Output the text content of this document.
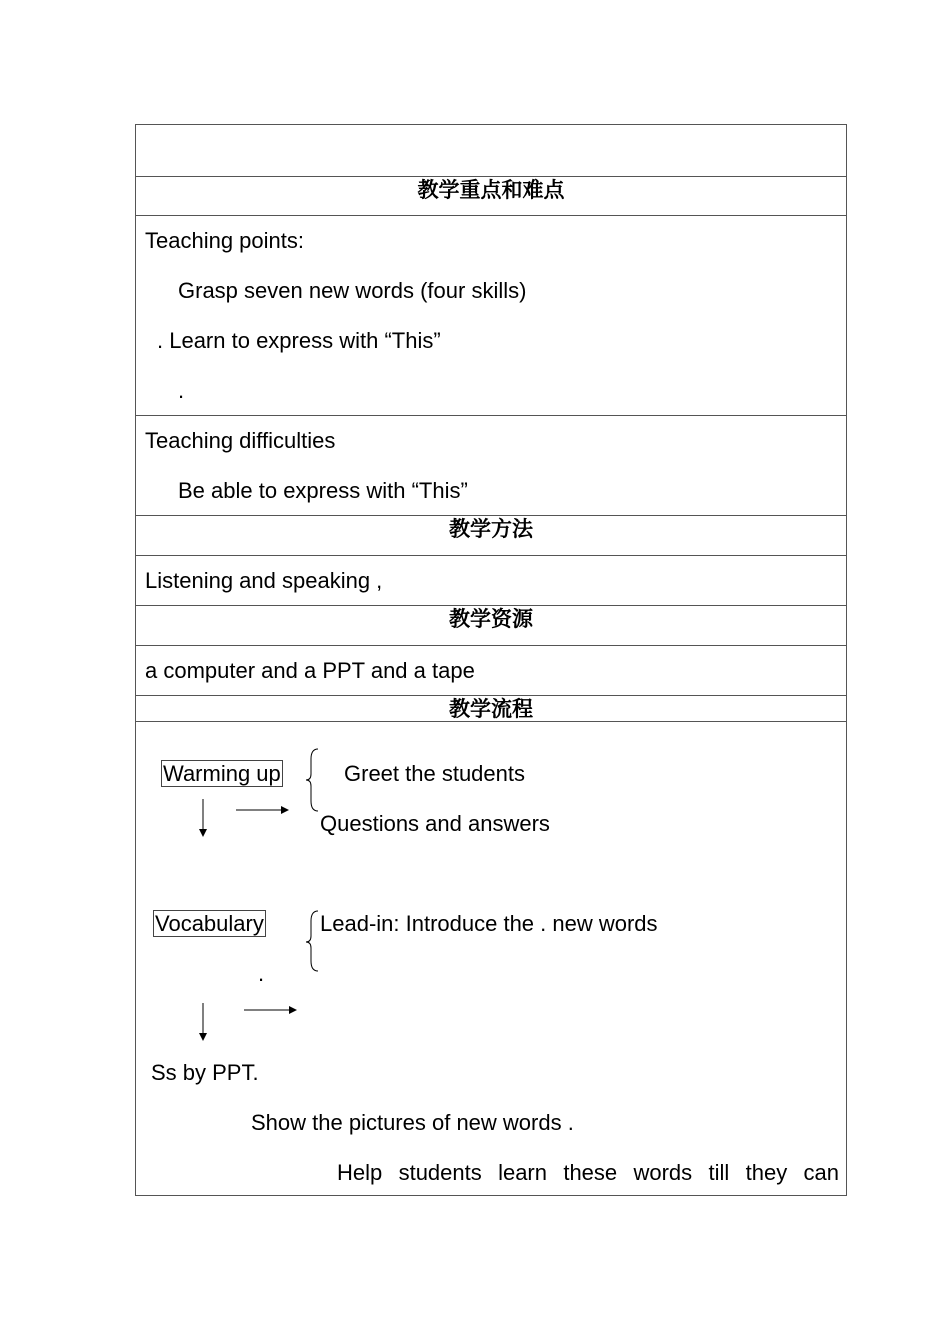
教学重点和难点
教学方法
教学资源
教学流程
Teaching points:
Grasp seven new words (four skills)
. Learn to express with “This”
.
Teaching difficulties
Be able to express with “This”
Listening and speaking ,
a computer and a PPT and a tape
Warming up	Greet the students
Questions and answers
Vocabulary	Lead-in: Introduce the . new words
.
Ss by PPT.
Show the pictures of new words .
Help students learn these words till they can
